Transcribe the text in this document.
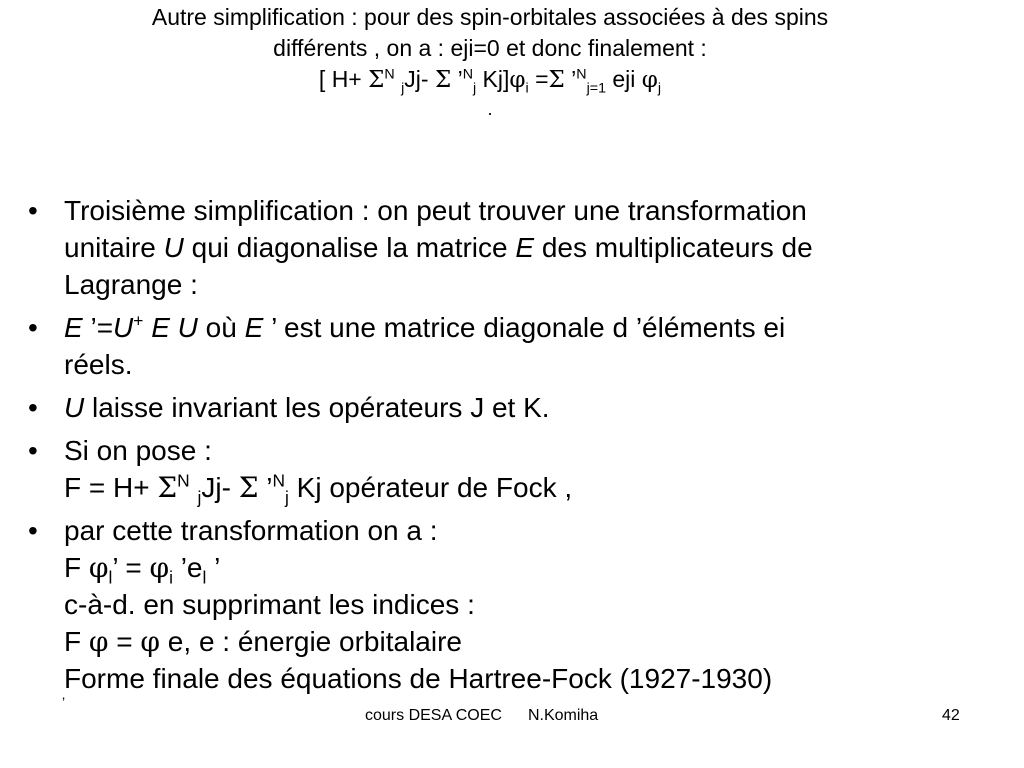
Autre simplification : pour des spin-orbitales associées à des spins
différents , on a : eji=0 et donc finalement :
[ $H+ \Sigma^N$ $_j$Jj- Σ ’$^N_j$ $Kj]\varphi_i =\Sigma$ ’$^N_{j=1}$ eji $\varphi_j$
.
• Troisième simplification : on peut trouver une transformation
unitaire U qui diagonalise la matrice E des multiplicateurs de
Lagrange :
• E ’=U+ E U où E ’ est une matrice diagonale d ’éléments ei
réels.
• U laisse invariant les opérateurs J et K.
• Si on pose :
$F = H+ \Sigma^N$ $_j$Jj- Σ ’$^N_j$ Kj opérateur de Fock ,
• par cette transformation on a :
F $\varphi_l$’ = $\varphi_i$ $’e_l$ ’
c-à-d. en supprimant les indices :
F φ = φ e, e : énergie orbitalaire
Forme finale des équations de Hartree-Fock (1927-1930)
’
cours DESA COEC N.Komiha	42
